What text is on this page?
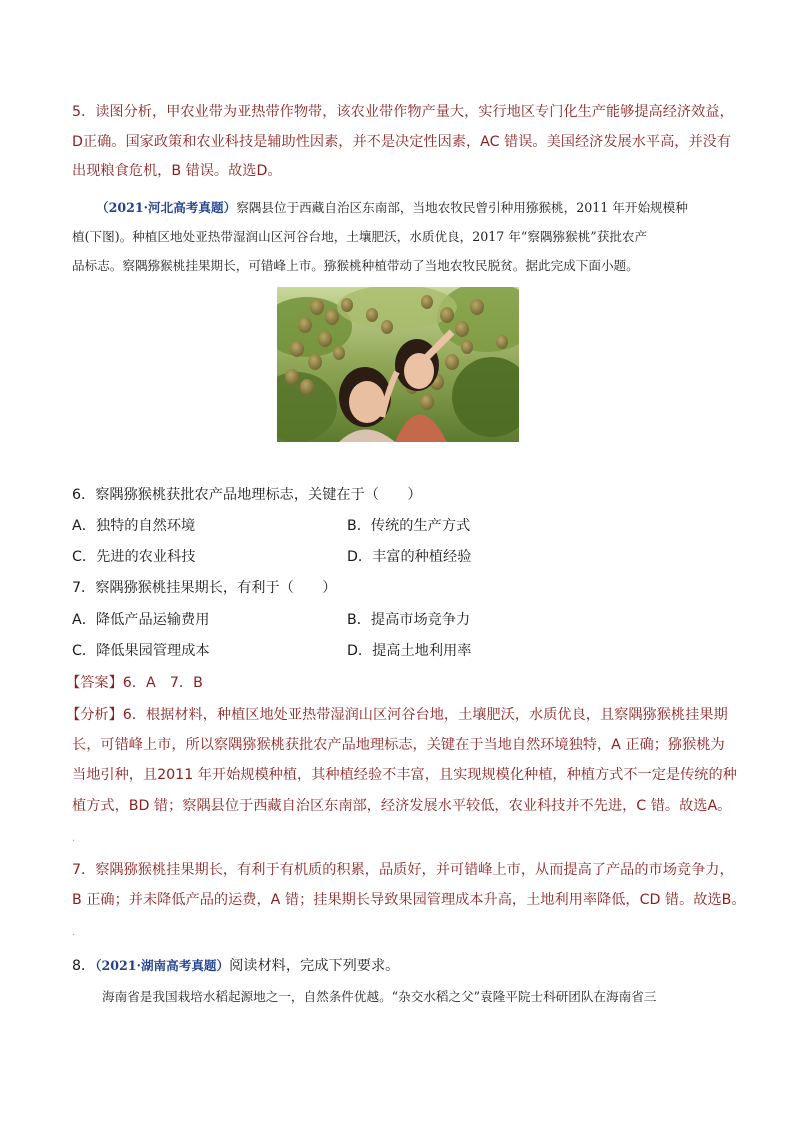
5．读图分析，甲农业带为亚热带作物带，该农业带作物产量大，实行地区专门化生产能够提高经济效益，
D正确。国家政策和农业科技是辅助性因素，并不是决定性因素，AC 错误。美国经济发展水平高，并没有
出现粮食危机，B 错误。故选D。
（2021·河北高考真题）察隅县位于西藏自治区东南部，当地农牧民曾引种用猕猴桃，2011 年开始规模种
植(下图)。种植区地处亚热带湿润山区河谷台地，土壤肥沃，水质优良，2017 年“察隅猕猴桃”获批农产
品标志。察隅猕猴桃挂果期长，可错峰上市。猕猴桃种植带动了当地农牧民脱贫。据此完成下面小题。
6．察隅猕猴桃获批农产品地理标志，关键在于（　　）
A．独特的自然环境	B．传统的生产方式
C．先进的农业科技	D．丰富的种植经验
7．察隅猕猴桃挂果期长，有利于（　　）
A．降低产品运输费用	B．提高市场竞争力
C．降低果园管理成本	D．提高土地利用率
【答案】6．A　7．B
【分析】6．根据材料，种植区地处亚热带湿润山区河谷台地，土壤肥沃，水质优良，且察隅猕猴桃挂果期
长，可错峰上市，所以察隅猕猴桃获批农产品地理标志，关键在于当地自然环境独特，A 正确；猕猴桃为
当地引种，且2011 年开始规模种植，其种植经验不丰富，且实现规模化种植，种植方式不一定是传统的种
植方式，BD 错；察隅县位于西藏自治区东南部，经济发展水平较低，农业科技并不先进，C 错。故选A。
·
7．察隅猕猴桃挂果期长，有利于有机质的积累，品质好，并可错峰上市，从而提高了产品的市场竞争力，
B 正确；并未降低产品的运费，A 错；挂果期长导致果园管理成本升高，土地利用率降低，CD 错。故选B。
·
8．（2021·湖南高考真题）阅读材料，完成下列要求。
海南省是我国栽培水稻起源地之一，自然条件优越。“杂交水稻之父”袁隆平院士科研团队在海南省三
